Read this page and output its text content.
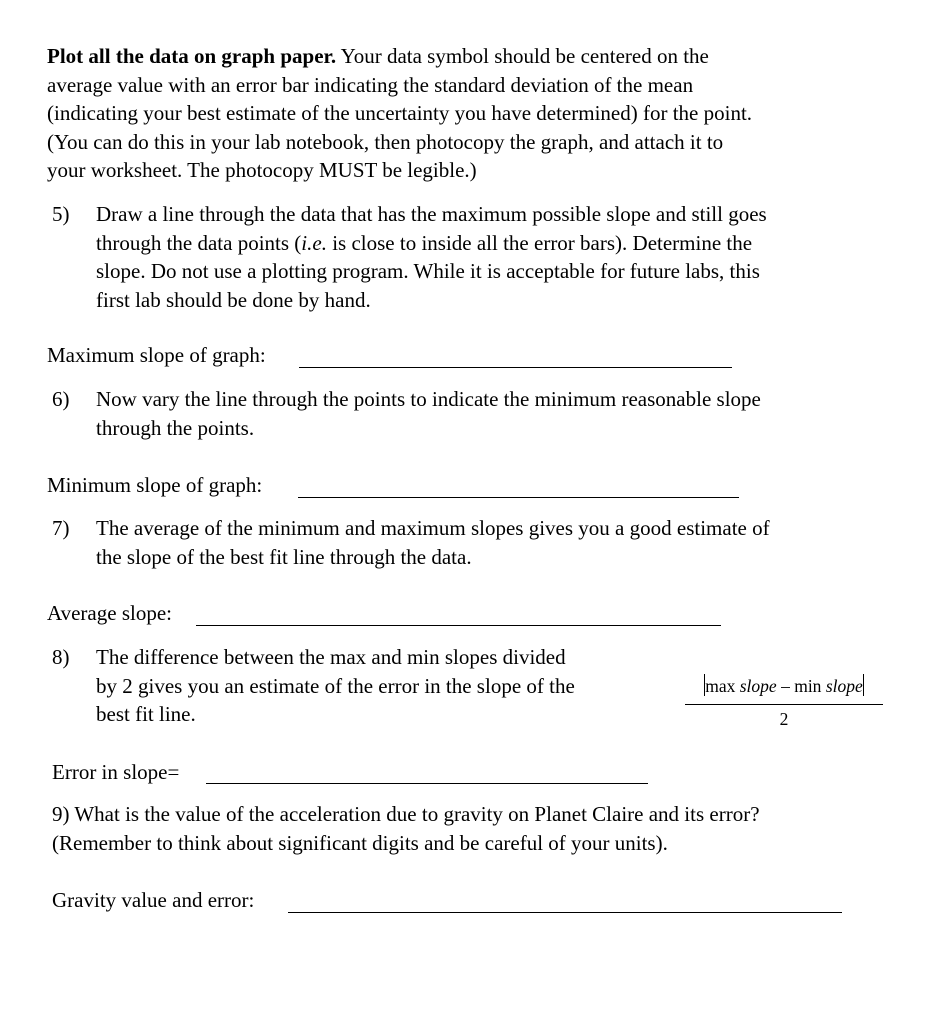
Plot all the data on graph paper. Your data symbol should be centered on the
average value with an error bar indicating the standard deviation of the mean
(indicating your best estimate of the uncertainty you have determined) for the point.
(You can do this in your lab notebook, then photocopy the graph, and attach it to
your worksheet. The photocopy MUST be legible.)
5) Draw a line through the data that has the maximum possible slope and still goes
through the data points (i.e. is close to inside all the error bars). Determine the
slope. Do not use a plotting program. While it is acceptable for future labs, this
first lab should be done by hand.
Maximum slope of graph:
6) Now vary the line through the points to indicate the minimum reasonable slope
through the points.
Minimum slope of graph:
7) The average of the minimum and maximum slopes gives you a good estimate of
the slope of the best fit line through the data.
Average slope:
8) The difference between the max and min slopes divided
by 2 gives you an estimate of the error in the slope of the
best fit line.
max slope – min slope
2
Error in slope=
9) What is the value of the acceleration due to gravity on Planet Claire and its error?
(Remember to think about significant digits and be careful of your units).
Gravity value and error:
